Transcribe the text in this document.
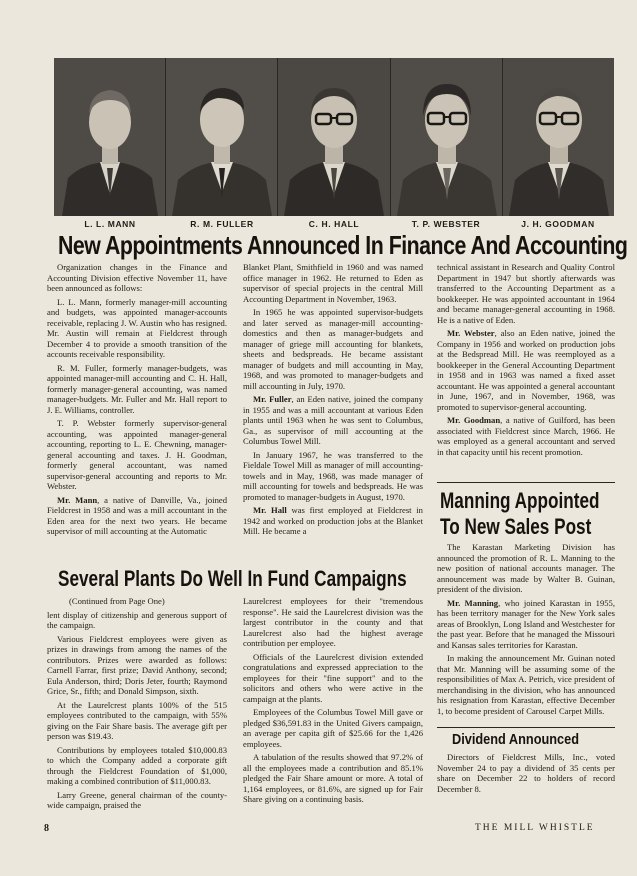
L. L. MANN	R. M. FULLER	C. H. HALL	T. P. WEBSTER	J. H. GOODMAN
New Appointments Announced In Finance And Accounting

Organization changes in the Finance and Accounting Division effective November 11, have been announced as follows:

L. L. Mann, formerly manager-mill accounting and budgets, was appointed manager-accounts receivable, replacing J. W. Austin who has resigned. Mr. Austin will remain at Fieldcrest through December 4 to provide a smooth transition of the accounts receivable responsibility.

R. M. Fuller, formerly manager-budgets, was appointed manager-mill accounting and C. H. Hall, formerly manager-general accounting, was named manager-budgets. Mr. Fuller and Mr. Hall report to J. E. Williams, controller.

T. P. Webster formerly supervisor-general accounting, was appointed manager-general accounting, reporting to L. E. Chewning, manager-general accounting and taxes. J. H. Goodman, formerly general accountant, was named supervisor-general accounting and reports to Mr. Webster.

Mr. Mann, a native of Danville, Va., joined Fieldcrest in 1958 and was a mill accountant in the Eden area for the next two years. He became supervisor of mill accounting at the Automatic

Blanket Plant, Smithfield in 1960 and was named office manager in 1962. He returned to Eden as supervisor of special projects in the central Mill Accounting Department in November, 1963.

In 1965 he was appointed supervisor-budgets and later served as manager-mill accounting-domestics and then as manager-budgets and manager of griege mill accounting for blankets, sheets and bedspreads. He became assistant manager of budgets and mill accounting in May, 1968, and was promoted to manager-budgets and mill accounting in July, 1970.

Mr. Fuller, an Eden native, joined the company in 1955 and was a mill accountant at various Eden plants until 1963 when he was sent to Columbus, Ga., as supervisor of mill accounting at the Columbus Towel Mill.

In January 1967, he was transferred to the Fieldale Towel Mill as manager of mill accounting-towels and in May, 1968, was made manager of mill accounting for towels and bedspreads. He was promoted to manager-budgets in August, 1970.

Mr. Hall was first employed at Fieldcrest in 1942 and worked on production jobs at the Blanket Mill. He became a

technical assistant in Research and Quality Control Department in 1947 but shortly afterwards was transferred to the Accounting Department as a bookkeeper. He was appointed accountant in 1964 and became manager-general accounting in 1968. He is a native of Eden.

Mr. Webster, also an Eden native, joined the Company in 1956 and worked on production jobs at the Bedspread Mill. He was reemployed as a bookkeeper in the General Accounting Department in 1958 and in 1963 was named a fixed asset accountant. He was appointed a general accountant in June, 1967, and in November, 1968, was promoted to supervisor-general accounting.

Mr. Goodman, a native of Guilford, has been associated with Fieldcrest since March, 1966. He was employed as a general accountant and served in that capacity until his recent promotion.

Manning Appointed
To New Sales Post
Several Plants Do Well In Fund Campaigns

(Continued from Page One)

lent display of citizenship and generous support of the campaign.

Various Fieldcrest employees were given as prizes in drawings from among the names of the contributors. Prizes were awarded as follows: Carnell Farrar, first prize; David Anthony, second; Eula Anderson, third; Doris Jeter, fourth; Raymond Grice, Sr., fifth; and Donald Simpson, sixth.

At the Laurelcrest plants 100% of the 515 employees contributed to the campaign, with 55% giving on the Fair Share basis. The average gift per person was $19.43.

Contributions by employees totaled $10,000.83 to which the Company added a corporate gift through the Fieldcrest Foundation of $1,000, making a combined contribution of $11,000.83.

Larry Greene, general chairman of the county-wide campaign, praised the

Laurelcrest employees for their "tremendous response". He said the Laurelcrest division was the largest contributor in the county and that Laurelcrest also had the highest average contribution per employee.

Officials of the Laurelcrest division extended congratulations and expressed appreciation to the employees for their "fine support" and to the solicitors and others who were active in the campaign at the plants.

Employees of the Columbus Towel Mill gave or pledged $36,591.83 in the United Givers campaign, an average per capita gift of $25.66 for the 1,426 employees.

A tabulation of the results showed that 97.2% of all the employees made a contribution and 85.1% pledged the Fair Share amount or more. A total of 1,164 employees, or 81.6%, are signed up for Fair Share giving on a continuing basis.

The Karastan Marketing Division has announced the promotion of R. L. Manning to the new position of national accounts manager. The announcement was made by Walter B. Guinan, president of the division.

Mr. Manning, who joined Karastan in 1955, has been territory manager for the New York sales areas of Brooklyn, Long Island and Westchester for the past year. Before that he managed the Missouri and Kansas sales territories for Karastan.

In making the announcement Mr. Guinan noted that Mr. Manning will be assuming some of the responsibilities of Max A. Petrich, vice president of merchandising in the division, who has announced his resignation from Karastan, effective December 1, to become president of Carousel Carpet Mills.

Dividend Announced

Directors of Fieldcrest Mills, Inc., voted November 24 to pay a dividend of 35 cents per share on December 22 to holders of record December 8.

8	THE MILL WHISTLE
